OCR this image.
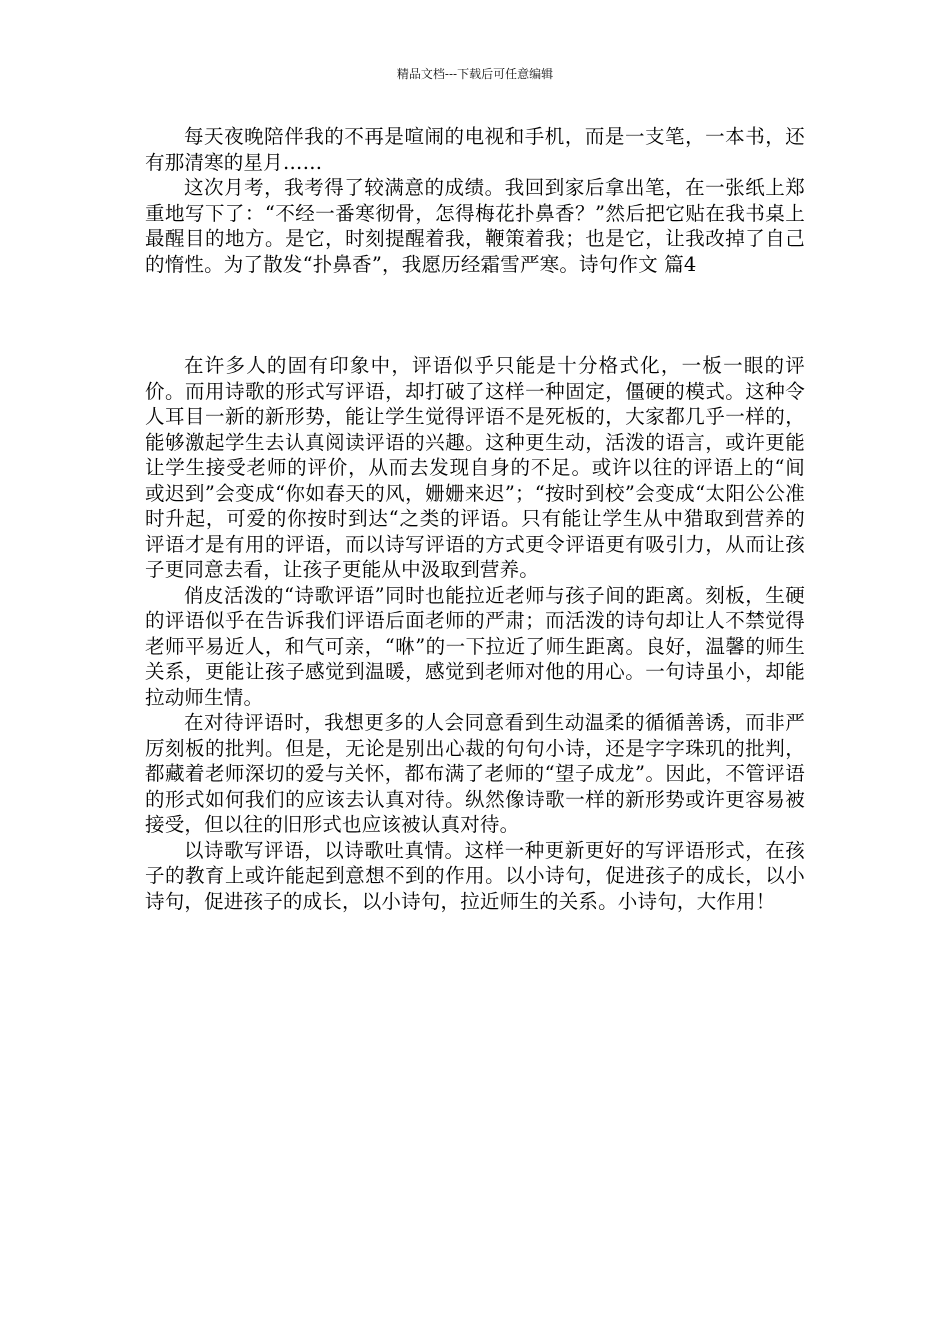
精品文档---下载后可任意编辑

每天夜晚陪伴我的不再是喧闹的电视和手机，而是一支笔，一本书，还有那清寒的星月……

这次月考，我考得了较满意的成绩。我回到家后拿出笔，在一张纸上郑重地写下了：“不经一番寒彻骨，怎得梅花扑鼻香？”然后把它贴在我书桌上最醒目的地方。是它，时刻提醒着我，鞭策着我；也是它，让我改掉了自己的惰性。为了散发“扑鼻香”，我愿历经霜雪严寒。诗句作文 篇4

在许多人的固有印象中，评语似乎只能是十分格式化，一板一眼的评价。而用诗歌的形式写评语，却打破了这样一种固定，僵硬的模式。这种令人耳目一新的新形势，能让学生觉得评语不是死板的，大家都几乎一样的，能够激起学生去认真阅读评语的兴趣。这种更生动，活泼的语言，或许更能让学生接受老师的评价，从而去发现自身的不足。或许以往的评语上的“间或迟到”会变成“你如春天的风，姗姗来迟”；“按时到校”会变成“太阳公公准时升起，可爱的你按时到达“之类的评语。只有能让学生从中猎取到营养的评语才是有用的评语，而以诗写评语的方式更令评语更有吸引力，从而让孩子更同意去看，让孩子更能从中汲取到营养。

俏皮活泼的“诗歌评语”同时也能拉近老师与孩子间的距离。刻板，生硬的评语似乎在告诉我们评语后面老师的严肃；而活泼的诗句却让人不禁觉得老师平易近人，和气可亲，“咻”的一下拉近了师生距离。良好，温馨的师生关系，更能让孩子感觉到温暖，感觉到老师对他的用心。一句诗虽小，却能拉动师生情。

在对待评语时，我想更多的人会同意看到生动温柔的循循善诱，而非严厉刻板的批判。但是，无论是别出心裁的句句小诗，还是字字珠玑的批判，都藏着老师深切的爱与关怀，都布满了老师的“望子成龙”。因此，不管评语的形式如何我们的应该去认真对待。纵然像诗歌一样的新形势或许更容易被接受，但以往的旧形式也应该被认真对待。

以诗歌写评语，以诗歌吐真情。这样一种更新更好的写评语形式，在孩子的教育上或许能起到意想不到的作用。以小诗句，促进孩子的成长，以小诗句，促进孩子的成长，以小诗句，拉近师生的关系。小诗句，大作用！
